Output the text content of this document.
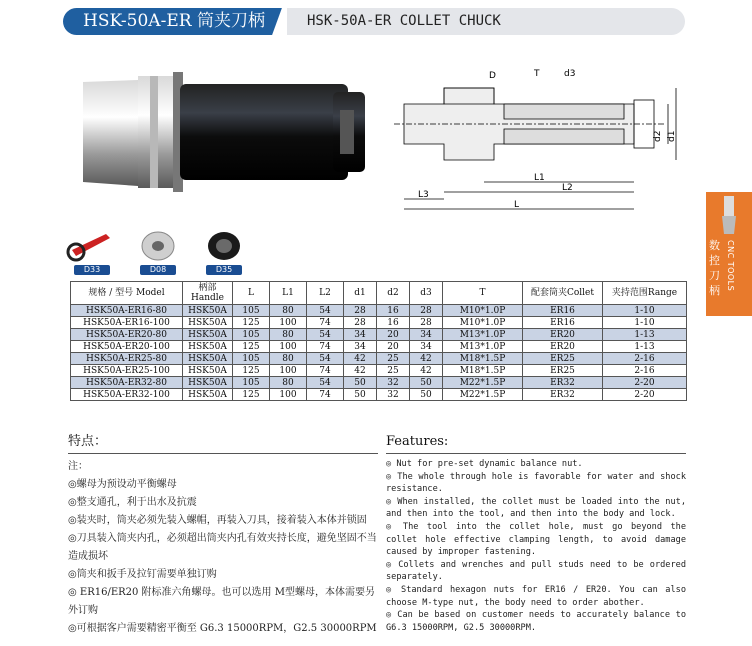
HSK-50A-ER 筒夹刀柄	HSK-50A-ER COLLET CHUCK
D	T	d3
d2 d1
L2
L1
L3
L
D33	D08	D35
规格 / 型号 Model	柄部 Handle	L	L1	L2	d1	d2	d3	T	配套筒夹Collet	夹持范围Range
HSK50A-ER16-80	HSK50A	105	80	54	28	16	28	M10*1.0P	ER16	1-10
HSK50A-ER16-100	HSK50A	125	100	74	28	16	28	M10*1.0P	ER16	1-10
HSK50A-ER20-80	HSK50A	105	80	54	34	20	34	M13*1.0P	ER20	1-13
HSK50A-ER20-100	HSK50A	125	100	74	34	20	34	M13*1.0P	ER20	1-13
HSK50A-ER25-80	HSK50A	105	80	54	42	25	42	M18*1.5P	ER25	2-16
HSK50A-ER25-100	HSK50A	125	100	74	42	25	42	M18*1.5P	ER25	2-16
HSK50A-ER32-80	HSK50A	105	80	54	50	32	50	M22*1.5P	ER32	2-20
HSK50A-ER32-100	HSK50A	125	100	74	50	32	50	M22*1.5P	ER32	2-20
数控刀柄 CNC TOOLS
特点：

注：

◎螺母为预设动平衡螺母

◎整支通孔，利于出水及抗震

◎装夹时，筒夹必须先装入螺帽，再装入刀具，接着装入本体并锁固

◎刀具装入筒夹内孔，必须超出筒夹内孔有效夹持长度，避免坚固不当造成损坏

◎筒夹和扳手及拉钉需要单独订购

◎ ER16/ER20 附标准六角螺母。也可以选用 M型螺母，本体需要另外订购

◎可根据客户需要精密平衡至 G6.3 15000RPM，G2.5 30000RPM

Features:

◎ Nut for pre-set dynamic balance nut.

◎ The whole through hole is favorable for water and shock resistance.

◎ When installed, the collet must be loaded into the nut, and then into the tool, and then into the body and lock.

◎ The tool into the collet hole, must go beyond the collet hole effective clamping length, to avoid damage caused by improper fastening.

◎ Collets and wrenches and pull studs need to be ordered separately.

◎ Standard hexagon nuts for ER16 / ER20. You can also choose M-type nut, the body need to order abother.

◎ Can be based on customer needs to accurately balance to G6.3 15000RPM, G2.5 30000RPM.
